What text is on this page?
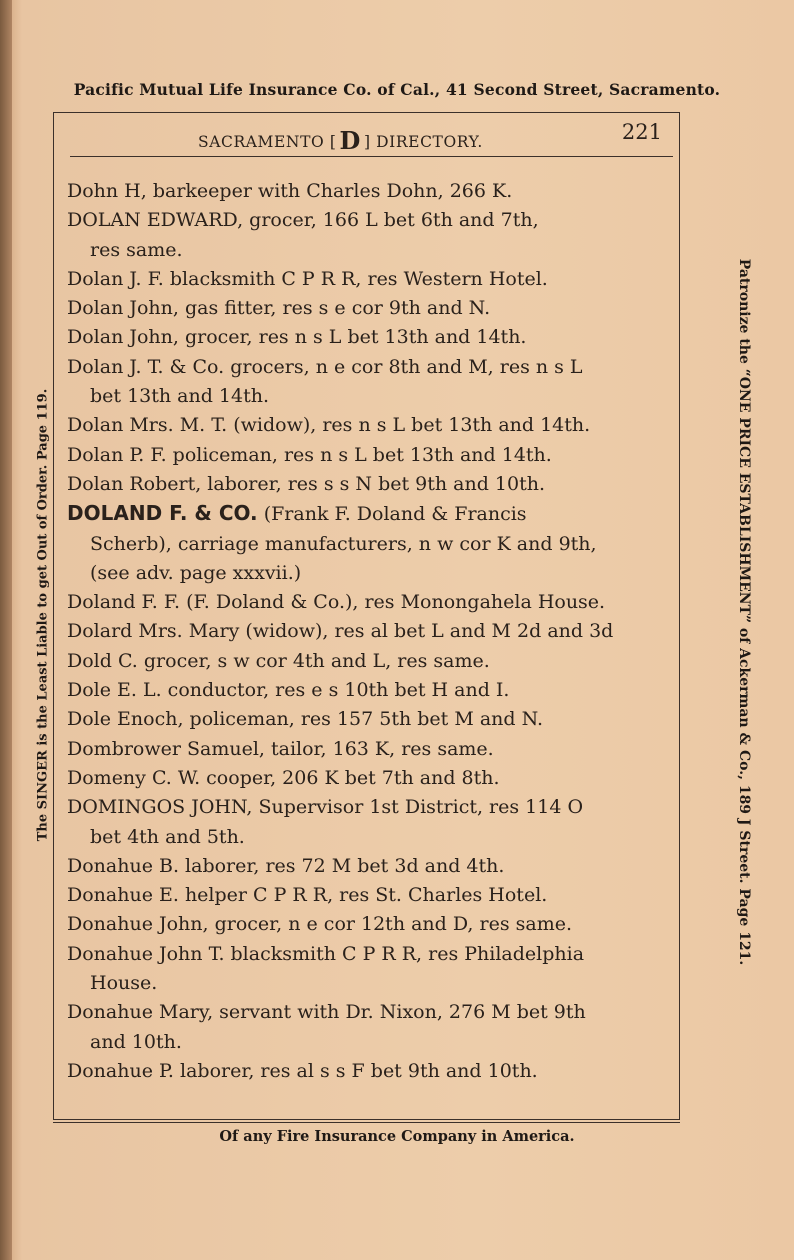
Pacific Mutual Life Insurance Co. of Cal., 41 Second Street, Sacramento.
The SINGER is the Least Liable to get Out of Order. Page 119.	Patronize the “ONE PRICE ESTABLISHMENT” of Ackerman & Co., 189 J Street. Page 121.
SACRAMENTO [ D ] DIRECTORY.	221
Dohn H, barkeeper with Charles Dohn, 266 K.
DOLAN EDWARD, grocer, 166 L bet 6th and 7th,
res same.
Dolan J. F. blacksmith C P R R, res Western Hotel.
Dolan John, gas fitter, res s e cor 9th and N.
Dolan John, grocer, res n s L bet 13th and 14th.
Dolan J. T. & Co. grocers, n e cor 8th and M, res n s L
bet 13th and 14th.
Dolan Mrs. M. T. (widow), res n s L bet 13th and 14th.
Dolan P. F. policeman, res n s L bet 13th and 14th.
Dolan Robert, laborer, res s s N bet 9th and 10th.
DOLAND F. & CO. (Frank F. Doland & Francis
Scherb), carriage manufacturers, n w cor K and 9th,
(see adv. page xxxvii.)
Doland F. F. (F. Doland & Co.), res Monongahela House.
Dolard Mrs. Mary (widow), res al bet L and M 2d and 3d
Dold C. grocer, s w cor 4th and L, res same.
Dole E. L. conductor, res e s 10th bet H and I.
Dole Enoch, policeman, res 157 5th bet M and N.
Dombrower Samuel, tailor, 163 K, res same.
Domeny C. W. cooper, 206 K bet 7th and 8th.
DOMINGOS JOHN, Supervisor 1st District, res 114 O
bet 4th and 5th.
Donahue B. laborer, res 72 M bet 3d and 4th.
Donahue E. helper C P R R, res St. Charles Hotel.
Donahue John, grocer, n e cor 12th and D, res same.
Donahue John T. blacksmith C P R R, res Philadelphia
House.
Donahue Mary, servant with Dr. Nixon, 276 M bet 9th
and 10th.
Donahue P. laborer, res al s s F bet 9th and 10th.
Of any Fire Insurance Company in America.
